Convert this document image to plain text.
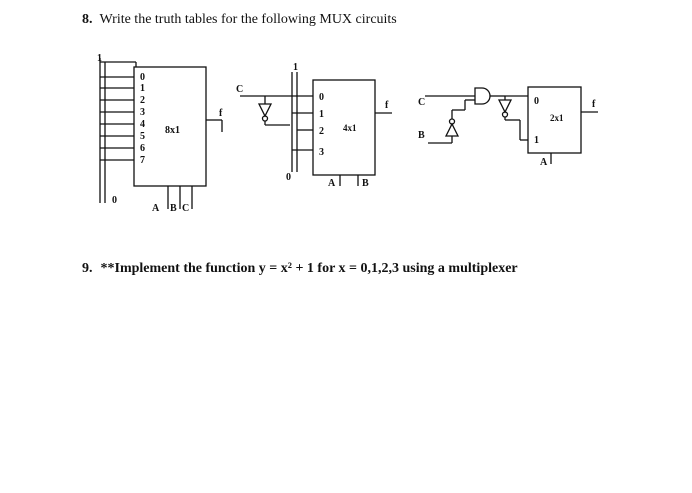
8. Write the truth tables for the following MUX circuits
8x1
1
0
0
1
2
3
4
5
6
7
f
A B C
4x1
C
1
0
0
1
2
3
f
A	B
2x1
C
B
0
1
f
A
9. **Implement the function y = x² + 1 for x = 0,1,2,3 using a multiplexer
